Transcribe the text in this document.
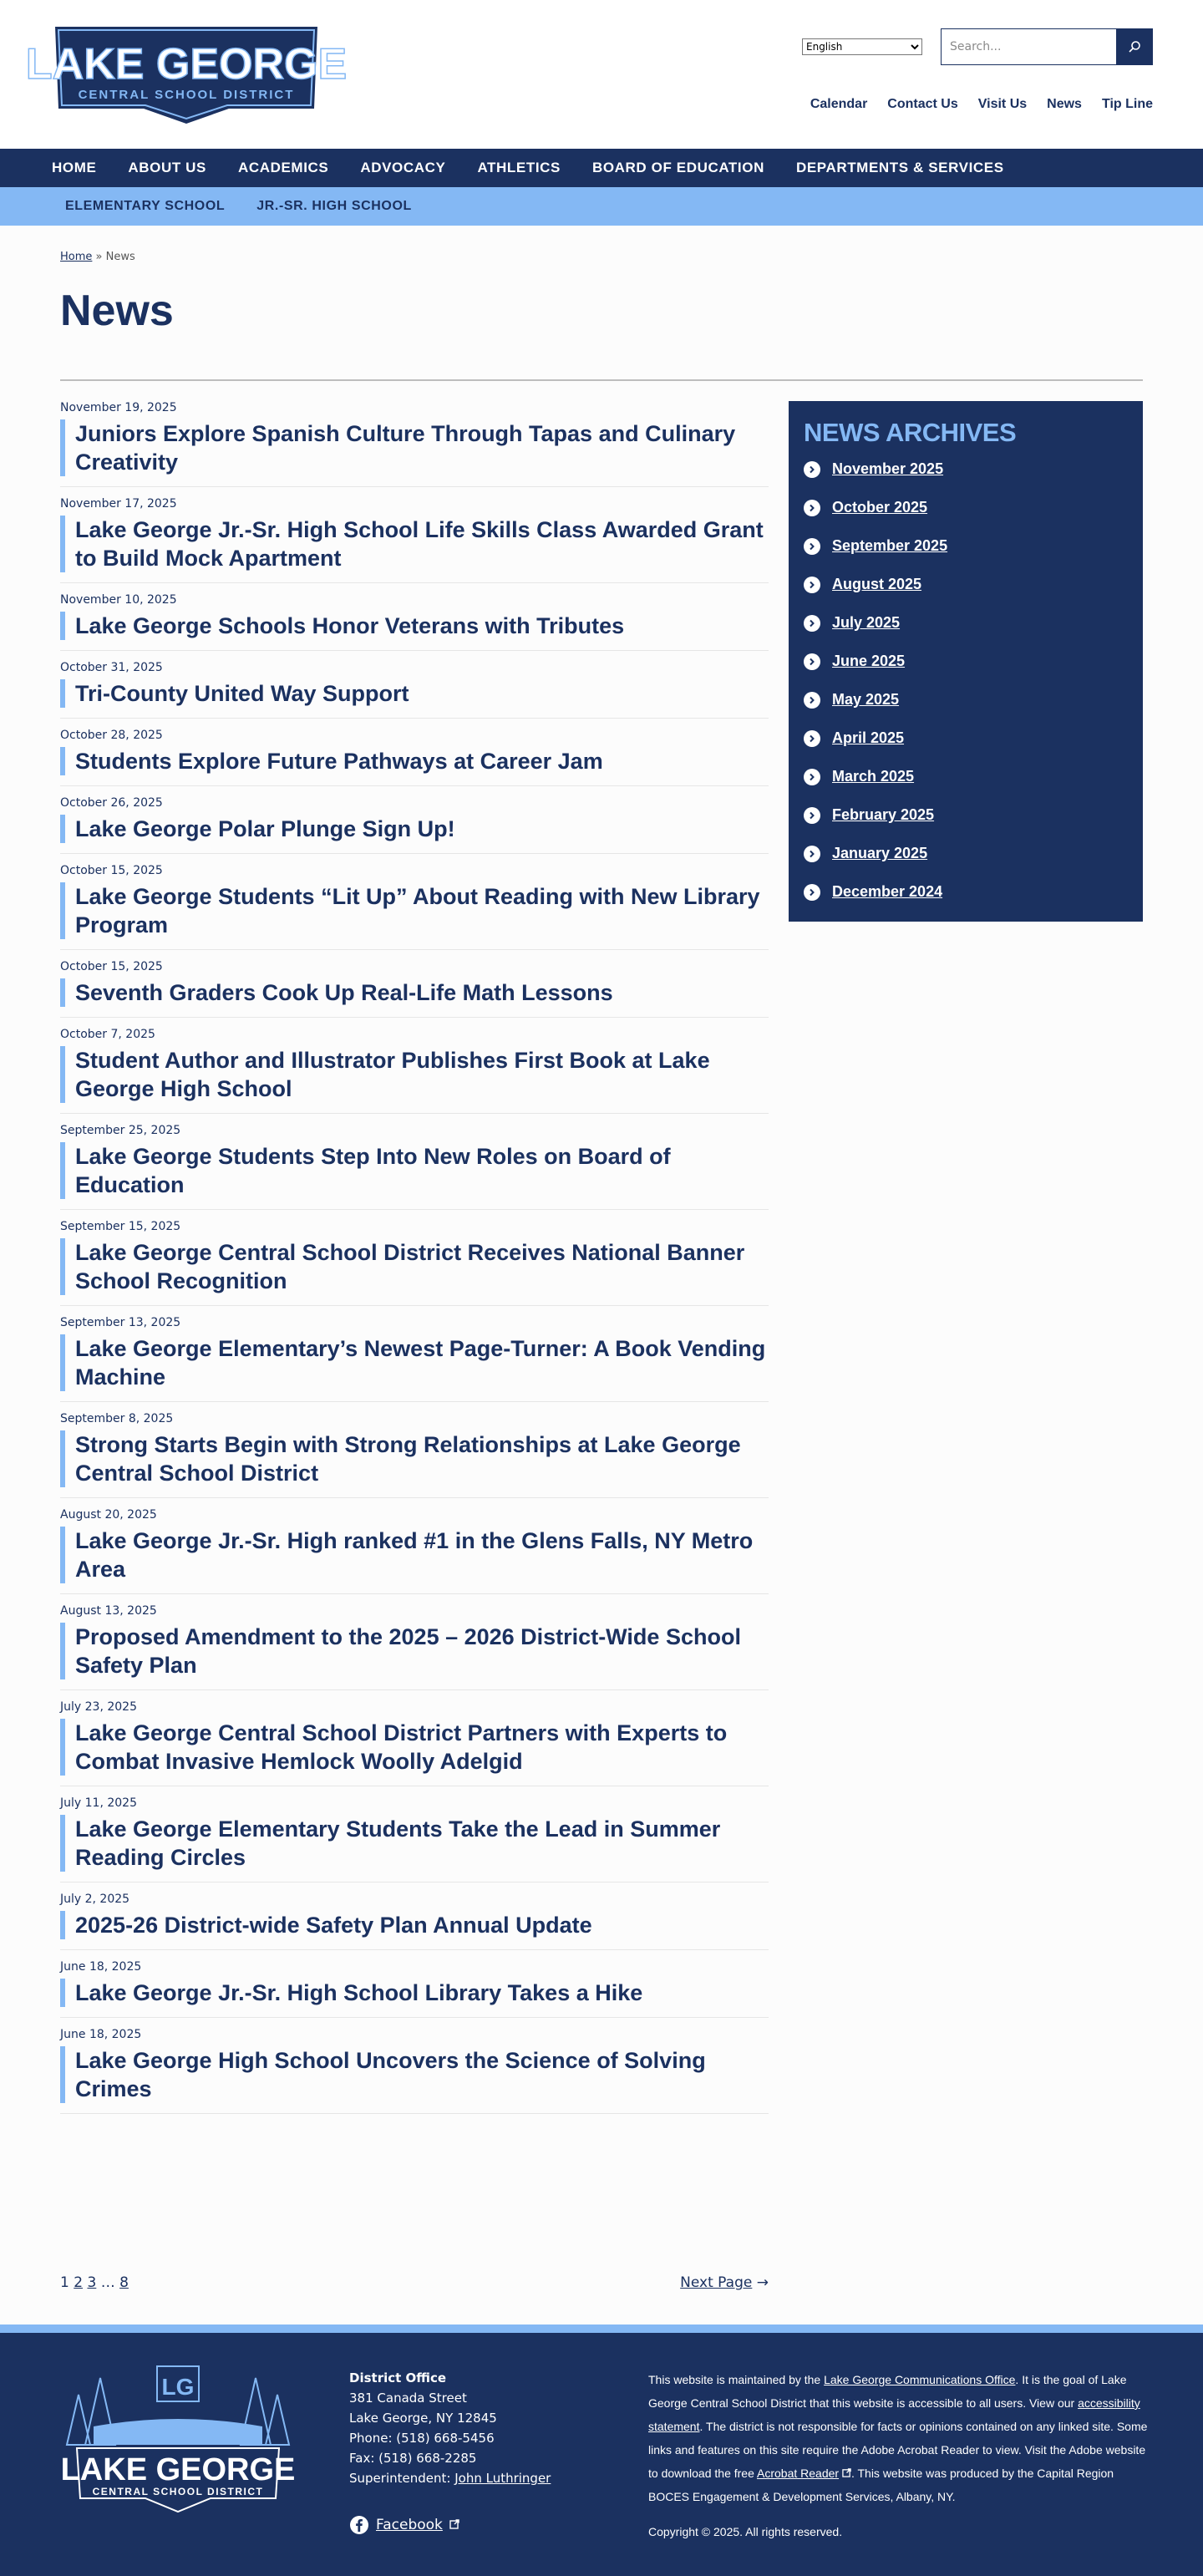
LAKE GEORGE
CENTRAL SCHOOL DISTRICT
English
Search...
Calendar Contact Us Visit Us News Tip Line
HOME ABOUT US ACADEMICS ADVOCACY ATHLETICS BOARD OF EDUCATION DEPARTMENTS & SERVICES
ELEMENTARY SCHOOL JR.-SR. HIGH SCHOOL
Home » News
News
November 19, 2025
Juniors Explore Spanish Culture Through Tapas and Culinary Creativity
November 17, 2025
Lake George Jr.-Sr. High School Life Skills Class Awarded Grant to Build Mock Apartment
November 10, 2025
Lake George Schools Honor Veterans with Tributes
October 31, 2025
Tri-County United Way Support
October 28, 2025
Students Explore Future Pathways at Career Jam
October 26, 2025
Lake George Polar Plunge Sign Up!
October 15, 2025
Lake George Students “Lit Up” About Reading with New Library Program
October 15, 2025
Seventh Graders Cook Up Real-Life Math Lessons
October 7, 2025
Student Author and Illustrator Publishes First Book at Lake George High School
September 25, 2025
Lake George Students Step Into New Roles on Board of Education
September 15, 2025
Lake George Central School District Receives National Banner School Recognition
September 13, 2025
Lake George Elementary’s Newest Page-Turner: A Book Vending Machine
September 8, 2025
Strong Starts Begin with Strong Relationships at Lake George Central School District
August 20, 2025
Lake George Jr.-Sr. High ranked #1 in the Glens Falls, NY Metro Area
August 13, 2025
Proposed Amendment to the 2025 – 2026 District-Wide School Safety Plan
July 23, 2025
Lake George Central School District Partners with Experts to Combat Invasive Hemlock Woolly Adelgid
July 11, 2025
Lake George Elementary Students Take the Lead in Summer Reading Circles
July 2, 2025
2025-26 District-wide Safety Plan Annual Update
June 18, 2025
Lake George Jr.-Sr. High School Library Takes a Hike
June 18, 2025
Lake George High School Uncovers the Science of Solving Crimes
NEWS ARCHIVES
November 2025
October 2025
September 2025
August 2025
July 2025
June 2025
May 2025
April 2025
March 2025
February 2025
January 2025
December 2024
1 2 3 … 8	Next Page →
LG
LAKE GEORGE
CENTRAL SCHOOL DISTRICT
District Office
381 Canada Street
Lake George, NY 12845
Phone: (518) 668-5456
Fax: (518) 668-2285
Superintendent: John Luthringer
Facebook
This website is maintained by the Lake George Communications Office. It is the goal of Lake George Central School District that this website is accessible to all users. View our accessibility statement. The district is not responsible for facts or opinions contained on any linked site. Some links and features on this site require the Adobe Acrobat Reader to view. Visit the Adobe website to download the free Acrobat Reader . This website was produced by the Capital Region BOCES Engagement & Development Services, Albany, NY.
Copyright © 2025. All rights reserved.
